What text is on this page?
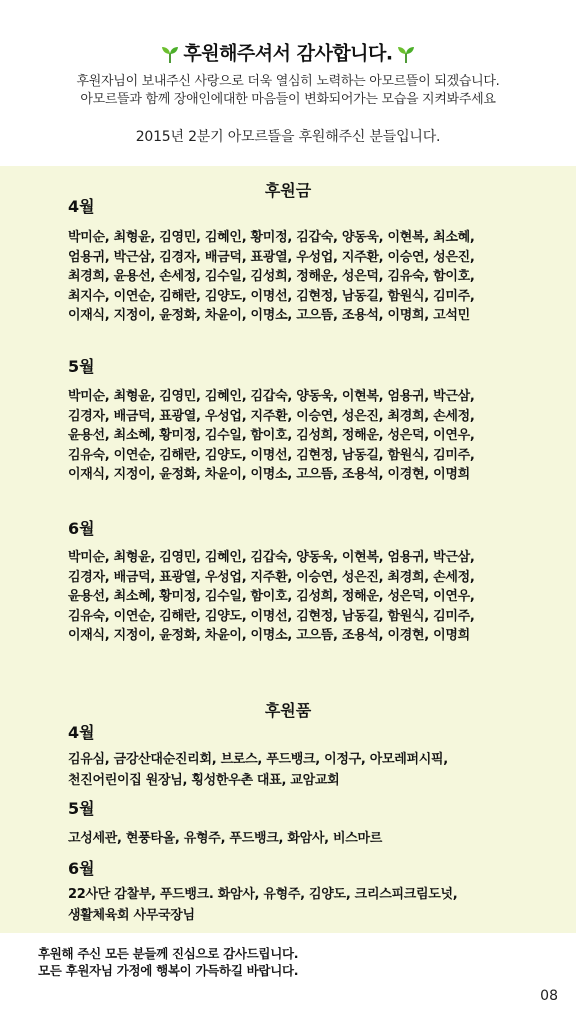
후원해주셔서 감사합니다.
후원자님이 보내주신 사랑으로 더욱 열심히 노력하는 아모르뜰이 되겠습니다.
아모르뜰과 함께 장애인에대한 마음들이 변화되어가는 모습을 지켜봐주세요
2015년 2분기 아모르뜰을 후원해주신 분들입니다.
후원금
4월
박미순, 최형윤, 김영민, 김혜인, 황미정, 김갑숙, 양동욱, 이현복, 최소혜, 엄용귀, 박근삼, 김경자, 배금덕, 표광열, 우성업, 지주환, 이승연, 성은진, 최경희, 윤용선, 손세정, 김수일, 김성희, 정해운, 성은덕, 김유숙, 함이호, 최지수, 이연순, 김해란, 김양도, 이명선, 김현정, 남동길, 함원식, 김미주, 이재식, 지정이, 윤정화, 차윤이, 이명소, 고으뜸, 조용석, 이명희, 고석민
5월
박미순, 최형윤, 김영민, 김혜인, 김갑숙, 양동욱, 이현복, 엄용귀, 박근삼, 김경자, 배금덕, 표광열, 우성업, 지주환, 이승연, 성은진, 최경희, 손세정, 윤용선, 최소혜, 황미정, 김수일, 함이호, 김성희, 정해운, 성은덕, 이연우, 김유숙, 이연순, 김해란, 김양도, 이명선, 김현정, 남동길, 함원식, 김미주, 이재식, 지정이, 윤정화, 차윤이, 이명소, 고으뜸, 조용석, 이경현, 이명희
6월
박미순, 최형윤, 김영민, 김혜인, 김갑숙, 양동욱, 이현복, 엄용귀, 박근삼, 김경자, 배금덕, 표광열, 우성업, 지주환, 이승연, 성은진, 최경희, 손세정, 윤용선, 최소혜, 황미정, 김수일, 함이호, 김성희, 정해운, 성은덕, 이연우, 김유숙, 이연순, 김해란, 김양도, 이명선, 김현정, 남동길, 함원식, 김미주, 이재식, 지정이, 윤정화, 차윤이, 이명소, 고으뜸, 조용석, 이경현, 이명희
후원품
4월
김유심, 금강산대순진리회, 브로스, 푸드뱅크, 이정구, 아모레퍼시픽, 천진어린이집 원장님, 횡성한우촌 대표, 교암교회
5월
고성세관, 현풍타올, 유형주, 푸드뱅크, 화암사, 비스마르
6월
22사단 감찰부, 푸드뱅크. 화암사, 유형주, 김양도, 크리스피크림도넛, 생활체육회 사무국장님
후원해 주신 모든 분들께 진심으로 감사드립니다.
모든 후원자님 가정에 행복이 가득하길 바랍니다.
08
